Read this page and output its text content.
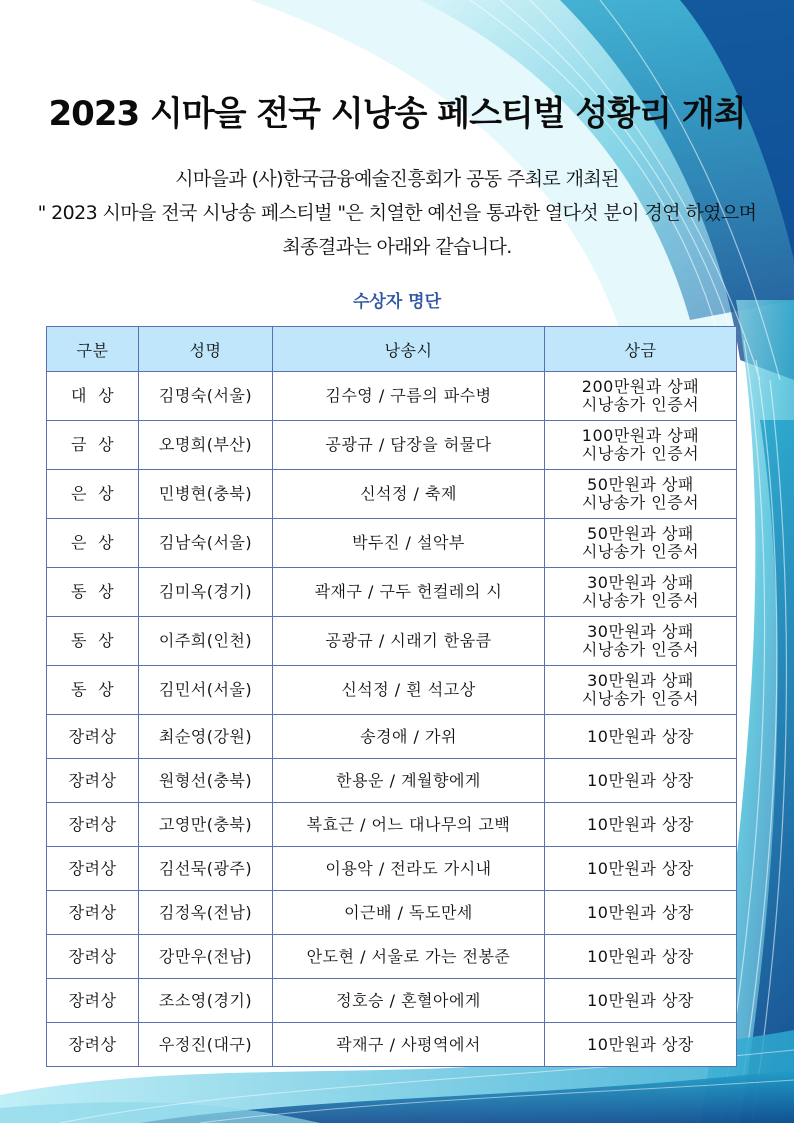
2023 시마을 전국 시낭송 페스티벌 성황리 개최
시마을과 (사)한국금융예술진흥회가 공동 주최로 개최된
" 2023 시마을 전국 시낭송 페스티벌 "은 치열한 예선을 통과한 열다섯 분이 경연 하였으며
최종결과는 아래와 같습니다.
수상자 명단
구분	성명	낭송시	상금
대  상	김명숙(서울)	김수영 / 구름의 파수병	200만원과 상패
시낭송가 인증서

금  상	오명희(부산)	공광규 / 담장을 허물다	100만원과 상패
시낭송가 인증서

은  상	민병현(충북)	신석정 / 축제	50만원과 상패
시낭송가 인증서

은  상	김남숙(서울)	박두진 / 설악부	50만원과 상패
시낭송가 인증서

동  상	김미옥(경기)	곽재구 / 구두 헌컬레의 시	30만원과 상패
시낭송가 인증서

동  상	이주희(인천)	공광규 / 시래기 한움큼	30만원과 상패
시낭송가 인증서

동  상	김민서(서울)	신석정 / 흰 석고상	30만원과 상패
시낭송가 인증서

장려상	최순영(강원)	송경애 / 가위	10만원과 상장

장려상	원형선(충북)	한용운 / 계월향에게	10만원과 상장

장려상	고영만(충북)	복효근 / 어느 대나무의 고백	10만원과 상장

장려상	김선묵(광주)	이용악 / 전라도 가시내	10만원과 상장

장려상	김정옥(전남)	이근배 / 독도만세	10만원과 상장

장려상	강만우(전남)	안도현 / 서울로 가는 전봉준	10만원과 상장

장려상	조소영(경기)	정호승 / 혼혈아에게	10만원과 상장

장려상	우정진(대구)	곽재구 / 사평역에서	10만원과 상장
